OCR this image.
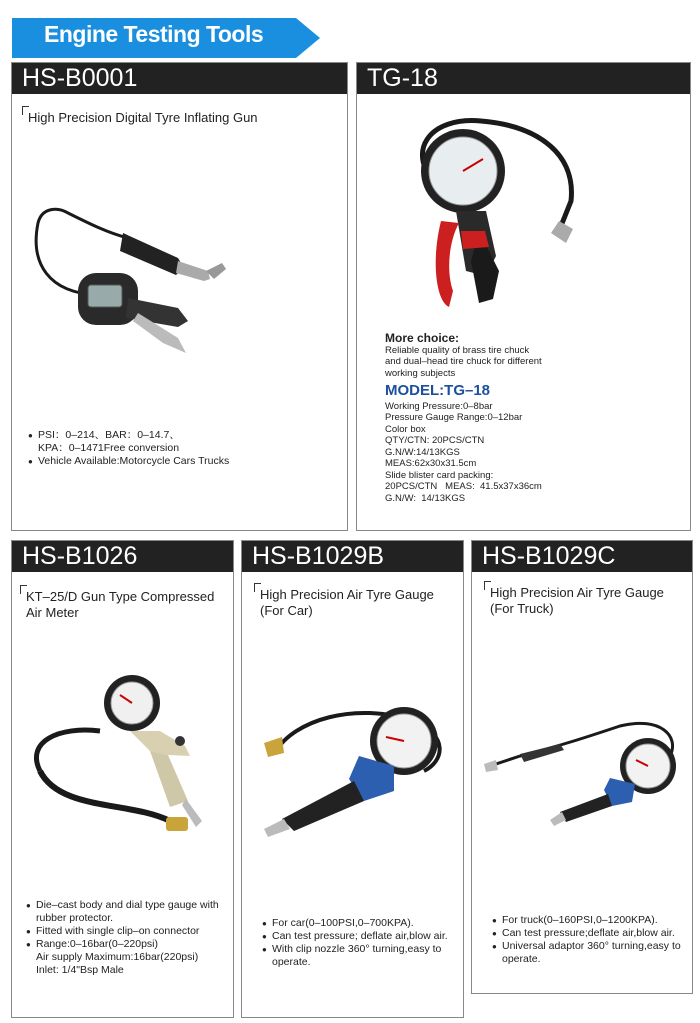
Engine Testing Tools
HS-B0001
High Precision Digital Tyre Inflating Gun
● PSI：0–214、BAR：0–14.7、
KPA：0–1471Free conversion
● Vehicle Available:Motorcycle Cars Trucks
TG-18
More choice:
Reliable quality of brass tire chuck
and dual–head tire chuck for different
working subjects
MODEL:TG–18
Working Pressure:0–8bar
Pressure Gauge Range:0–12bar
Color box
QTY/CTN: 20PCS/CTN
G.N/W:14/13KGS
MEAS:62x30x31.5cm
Slide blister card packing:
20PCS/CTN   MEAS:  41.5x37x36cm
G.N/W:  14/13KGS
HS-B1026
KT–25/D Gun Type Compressed
Air Meter
● Die–cast body and dial type gauge with
rubber protector.
● Fitted with single clip–on connector
● Range:0–16bar(0–220psi)
Air supply Maximum:16bar(220psi)
Inlet: 1/4"Bsp Male
HS-B1029B
High Precision Air Tyre Gauge
(For Car)
● For car(0–100PSI,0–700KPA).
● Can test pressure; deflate air,blow air.
● With clip nozzle 360° turning,easy to
operate.
HS-B1029C
High Precision Air Tyre Gauge
(For Truck)
● For truck(0–160PSI,0–1200KPA).
● Can test pressure;deflate air,blow air.
● Universal adaptor 360° turning,easy to
operate.
